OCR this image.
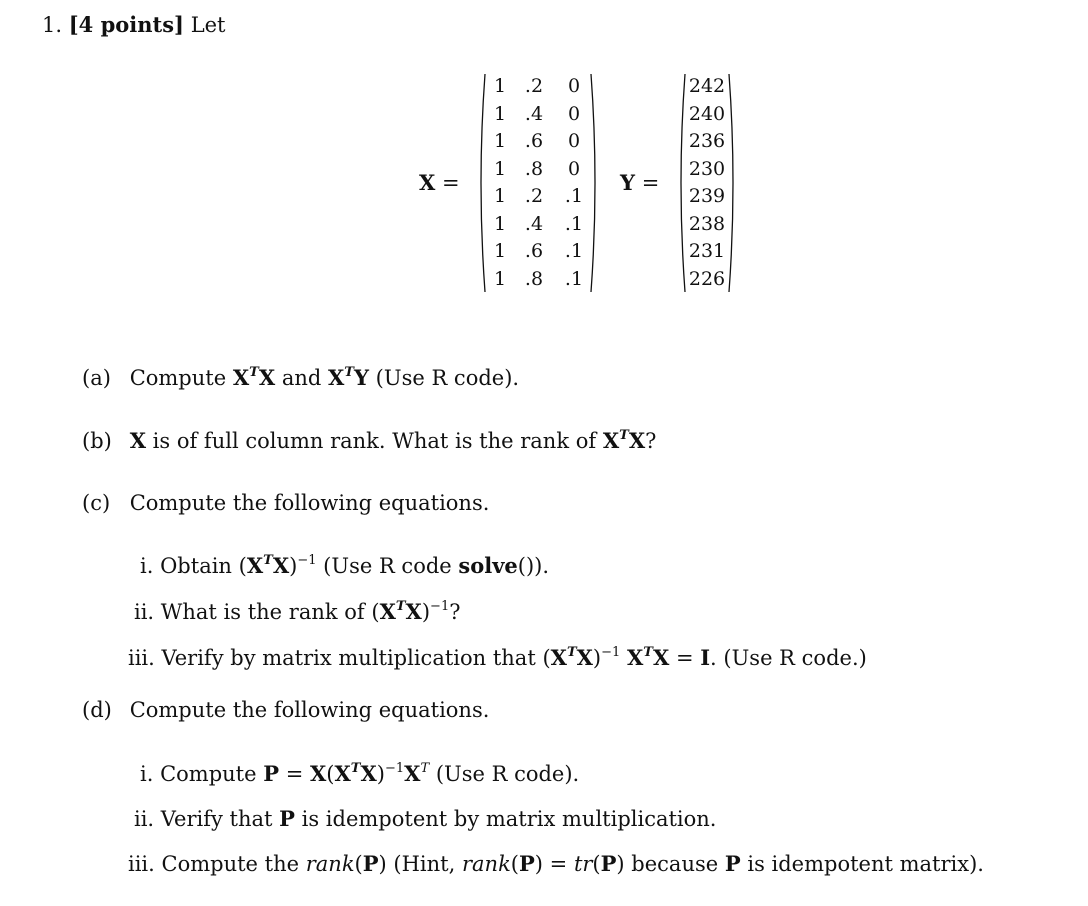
1. [4 points] Let
X =
1	.2	0
1	.4	0
1	.6	0
1	.8	0
1	.2	.1
1	.4	.1
1	.6	.1
1	.8	.1
Y =
242
240
236
230
239
238
231
226
(a) Compute $X^TX$ and $X^TY$ (Use R code).
(b) X is of full column rank. What is the rank of $X^TX$?
(c) Compute the following equations.
i. Obtain $(X^TX)^{-1}$ (Use R code solve()).
ii. What is the rank of $(X^TX)^{-1}$?
iii. Verify by matrix multiplication that $(X^TX)^{-1}$ $X^TX = I$. (Use R code.)
(d) Compute the following equations.
i. Compute $P = X(X^TX)^{-1}X^T$ (Use R code).
ii. Verify that P is idempotent by matrix multiplication.
iii. Compute the rank(P) (Hint, rank(P) = tr(P) because P is idempotent matrix).
